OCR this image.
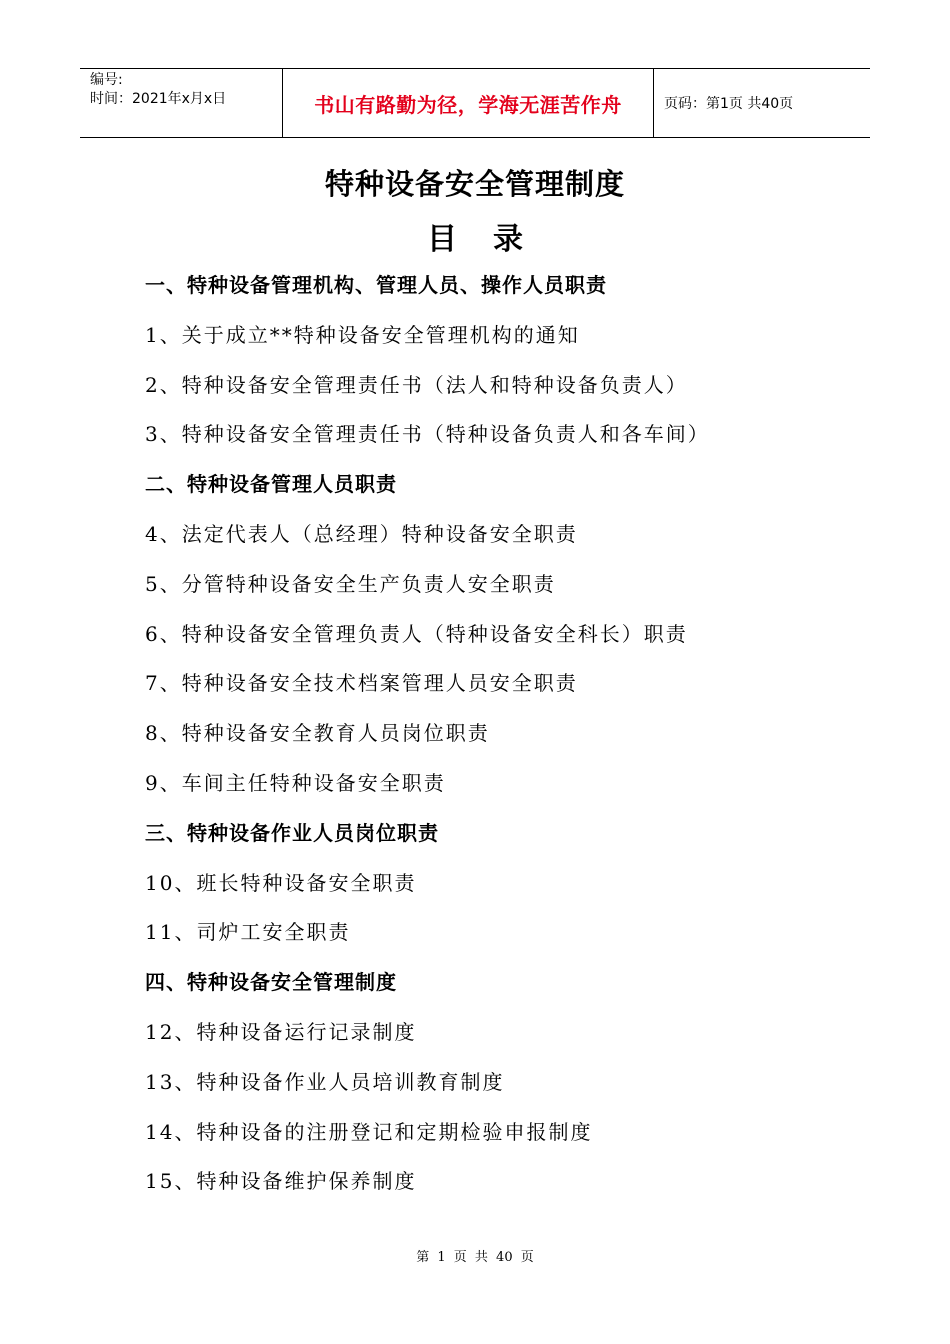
编号:
时间：2021年x月x日	书山有路勤为径，学海无涯苦作舟	页码：第1页 共40页
特种设备安全管理制度
目录
一、特种设备管理机构、管理人员、操作人员职责
1、关于成立**特种设备安全管理机构的通知
2、特种设备安全管理责任书（法人和特种设备负责人）
3、特种设备安全管理责任书（特种设备负责人和各车间）
二、特种设备管理人员职责
4、法定代表人（总经理）特种设备安全职责
5、分管特种设备安全生产负责人安全职责
6、特种设备安全管理负责人（特种设备安全科长）职责
7、特种设备安全技术档案管理人员安全职责
8、特种设备安全教育人员岗位职责
9、车间主任特种设备安全职责
三、特种设备作业人员岗位职责
10、班长特种设备安全职责
11、司炉工安全职责
四、特种设备安全管理制度
12、特种设备运行记录制度
13、特种设备作业人员培训教育制度
14、特种设备的注册登记和定期检验申报制度
15、特种设备维护保养制度
第 1 页 共 40 页
